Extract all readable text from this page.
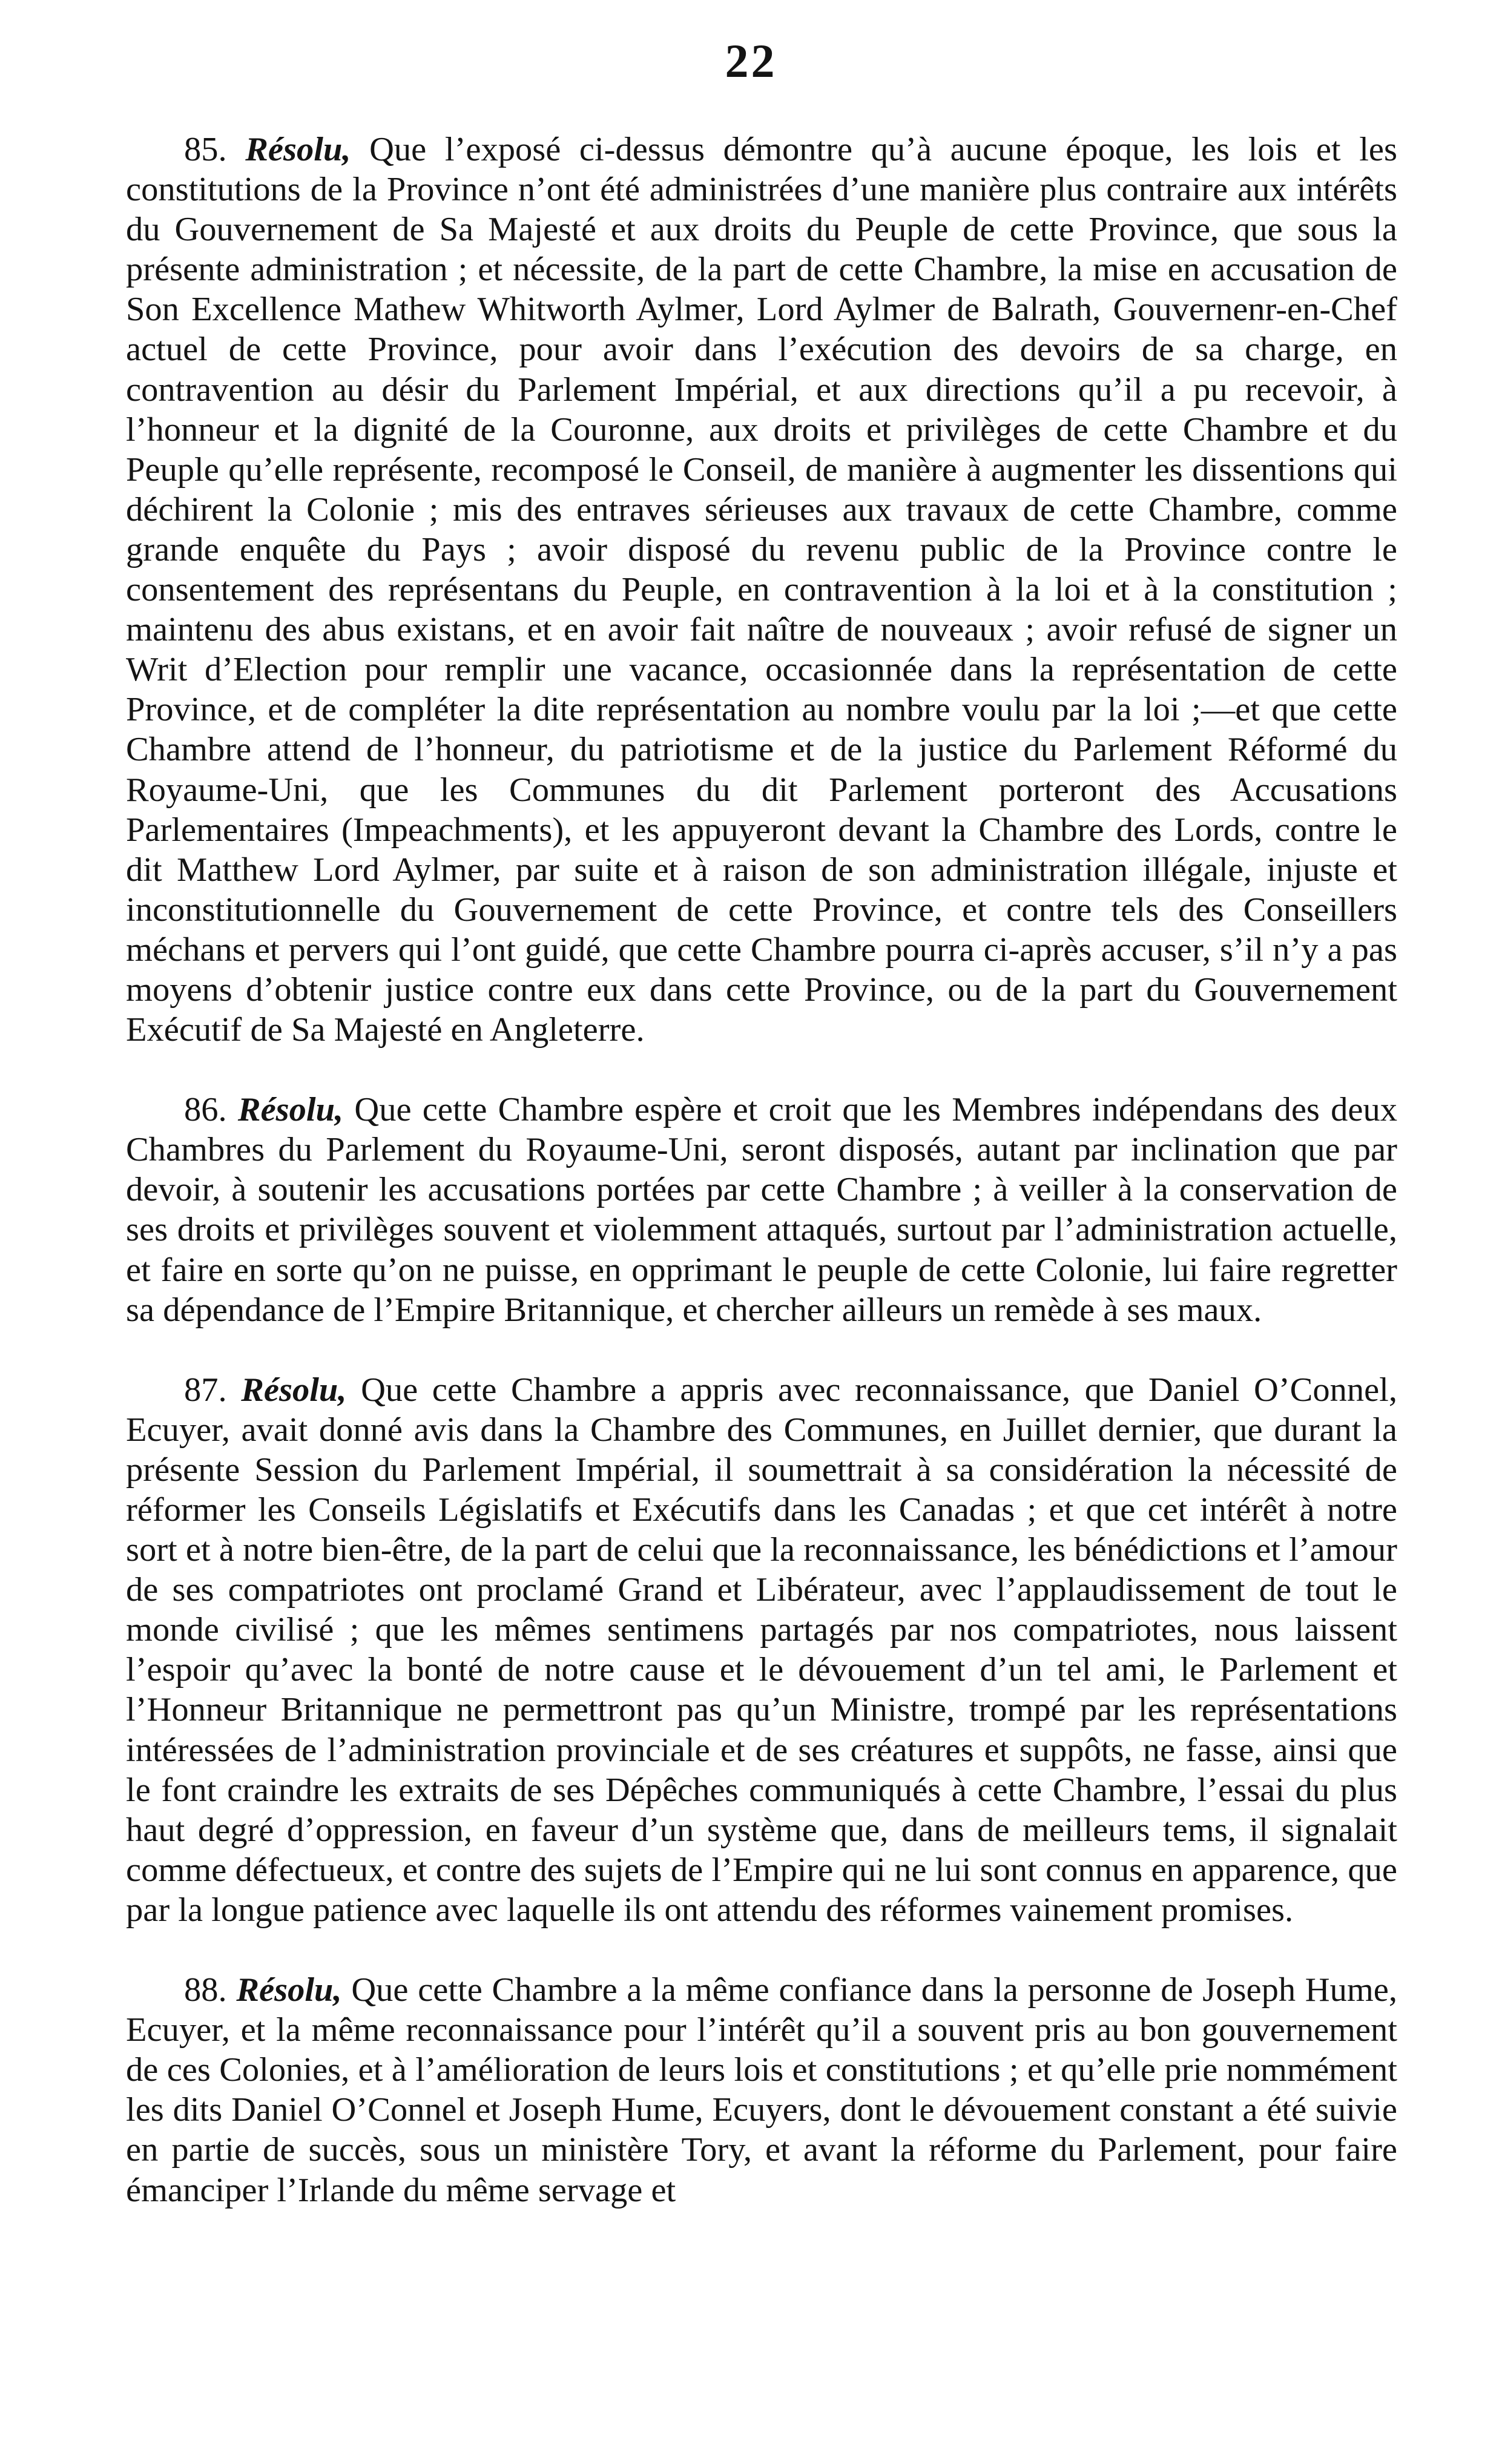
22

85. Résolu, Que l’exposé ci-dessus démontre qu’à aucune époque, les lois et les constitutions de la Province n’ont été administrées d’une manière plus contraire aux intérêts du Gouvernement de Sa Majesté et aux droits du Peuple de cette Province, que sous la présente administration ; et nécessite, de la part de cette Chambre, la mise en accusation de Son Excellence Mathew Whitworth Aylmer, Lord Aylmer de Balrath, Gouvernenr-en-Chef actuel de cette Province, pour avoir dans l’exécution des devoirs de sa charge, en contravention au désir du Parlement Impérial, et aux directions qu’il a pu recevoir, à l’honneur et la dignité de la Couronne, aux droits et privilèges de cette Chambre et du Peuple qu’elle représente, recomposé le Conseil, de manière à augmenter les dissentions qui déchirent la Colonie ; mis des entraves sérieuses aux travaux de cette Chambre, comme grande enquête du Pays ; avoir disposé du revenu public de la Province contre le consentement des représentans du Peuple, en contravention à la loi et à la constitution ; maintenu des abus existans, et en avoir fait naître de nouveaux ; avoir refusé de signer un Writ d’Election pour remplir une vacance, occasionnée dans la représentation de cette Province, et de compléter la dite représentation au nombre voulu par la loi ;—et que cette Chambre attend de l’honneur, du patriotisme et de la justice du Parlement Réformé du Royaume-Uni, que les Communes du dit Parlement porteront des Accusations Parlementaires (Impeachments), et les appuyeront devant la Chambre des Lords, contre le dit Matthew Lord Aylmer, par suite et à raison de son administration illégale, injuste et inconstitutionnelle du Gouvernement de cette Province, et contre tels des Conseillers méchans et pervers qui l’ont guidé, que cette Chambre pourra ci-après accuser, s’il n’y a pas moyens d’obtenir justice contre eux dans cette Province, ou de la part du Gouvernement Exécutif de Sa Majesté en Angleterre.

86. Résolu, Que cette Chambre espère et croit que les Membres indépendans des deux Chambres du Parlement du Royaume-Uni, seront disposés, autant par inclination que par devoir, à soutenir les accusations portées par cette Chambre ; à veiller à la conservation de ses droits et privilèges souvent et violemment attaqués, surtout par l’administration actuelle, et faire en sorte qu’on ne puisse, en opprimant le peuple de cette Colonie, lui faire regretter sa dépendance de l’Empire Britannique, et chercher ailleurs un remède à ses maux.

87. Résolu, Que cette Chambre a appris avec reconnaissance, que Daniel O’Connel, Ecuyer, avait donné avis dans la Chambre des Communes, en Juillet dernier, que durant la présente Session du Parlement Impérial, il soumettrait à sa considération la nécessité de réformer les Conseils Législatifs et Exécutifs dans les Canadas ; et que cet intérêt à notre sort et à notre bien-être, de la part de celui que la reconnaissance, les bénédictions et l’amour de ses compatriotes ont proclamé Grand et Libérateur, avec l’applaudissement de tout le monde civilisé ; que les mêmes sentimens partagés par nos compatriotes, nous laissent l’espoir qu’avec la bonté de notre cause et le dévouement d’un tel ami, le Parlement et l’Honneur Britannique ne permettront pas qu’un Ministre, trompé par les représentations intéressées de l’administration provinciale et de ses créatures et suppôts, ne fasse, ainsi que le font craindre les extraits de ses Dépêches communiqués à cette Chambre, l’essai du plus haut degré d’oppression, en faveur d’un système que, dans de meilleurs tems, il signalait comme défectueux, et contre des sujets de l’Empire qui ne lui sont connus en apparence, que par la longue patience avec laquelle ils ont attendu des réformes vainement promises.

88. Résolu, Que cette Chambre a la même confiance dans la personne de Joseph Hume, Ecuyer, et la même reconnaissance pour l’intérêt qu’il a souvent pris au bon gouvernement de ces Colonies, et à l’amélioration de leurs lois et constitutions ; et qu’elle prie nommément les dits Daniel O’Connel et Joseph Hume, Ecuyers, dont le dévouement constant a été suivie en partie de succès, sous un ministère Tory, et avant la réforme du Parlement, pour faire émanciper l’Irlande du même servage et
